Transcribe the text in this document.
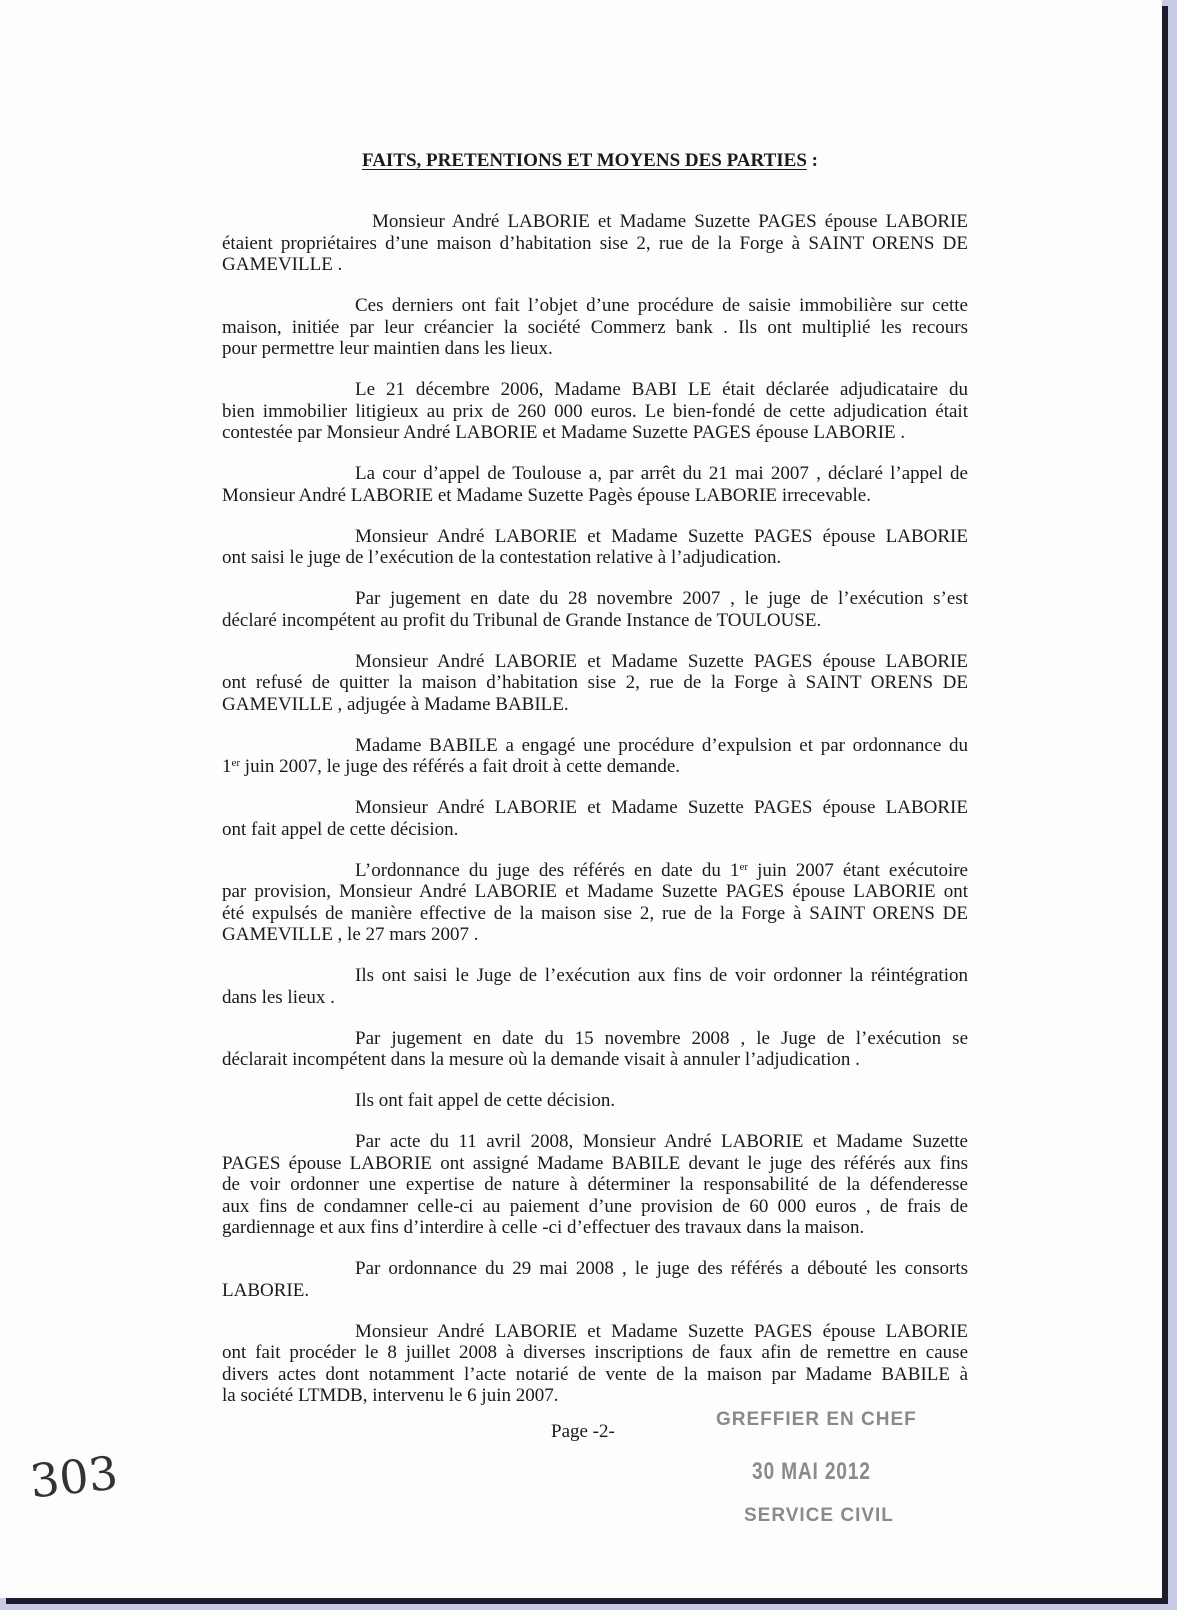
FAITS, PRETENTIONS ET MOYENS DES PARTIES :
Monsieur André LABORIE et Madame Suzette PAGES épouse LABORIE
étaient propriétaires d’une maison d’habitation sise 2, rue de la Forge à SAINT ORENS DE
GAMEVILLE .
Ces derniers ont fait l’objet d’une procédure de saisie immobilière sur cette
maison, initiée par leur créancier la société Commerz bank . Ils ont multiplié les recours
pour permettre leur maintien dans les lieux.
Le 21 décembre 2006, Madame BABI LE était déclarée adjudicataire du
bien immobilier litigieux au prix de 260 000 euros. Le bien-fondé de cette adjudication était
contestée par Monsieur André LABORIE et Madame Suzette PAGES épouse LABORIE .
La cour d’appel de Toulouse a, par arrêt du 21 mai 2007 , déclaré l’appel de
Monsieur André LABORIE et Madame Suzette Pagès épouse LABORIE irrecevable.
Monsieur André LABORIE et Madame Suzette PAGES épouse LABORIE
ont saisi le juge de l’exécution de la contestation relative à l’adjudication.
Par jugement en date du 28 novembre 2007 , le juge de l’exécution s’est
déclaré incompétent au profit du Tribunal de Grande Instance de TOULOUSE.
Monsieur André LABORIE et Madame Suzette PAGES épouse LABORIE
ont refusé de quitter la maison d’habitation sise 2, rue de la Forge à SAINT ORENS DE
GAMEVILLE , adjugée à Madame BABILE.
Madame BABILE a engagé une procédure d’expulsion et par ordonnance du
1er juin 2007, le juge des référés a fait droit à cette demande.
Monsieur André LABORIE et Madame Suzette PAGES épouse LABORIE
ont fait appel de cette décision.
L’ordonnance du juge des référés en date du 1er juin 2007 étant exécutoire
par provision, Monsieur André LABORIE et Madame Suzette PAGES épouse LABORIE ont
été expulsés de manière effective de la maison sise 2, rue de la Forge à SAINT ORENS DE
GAMEVILLE , le 27 mars 2007 .
Ils ont saisi le Juge de l’exécution aux fins de voir ordonner la réintégration
dans les lieux .
Par jugement en date du 15 novembre 2008 , le Juge de l’exécution se
déclarait incompétent dans la mesure où la demande visait à annuler l’adjudication .
Ils ont fait appel de cette décision.
Par acte du 11 avril 2008, Monsieur André LABORIE et Madame Suzette
PAGES épouse LABORIE ont assigné Madame BABILE devant le juge des référés aux fins
de voir ordonner une expertise de nature à déterminer la responsabilité de la défenderesse
aux fins de condamner celle-ci au paiement d’une provision de 60 000 euros , de frais de
gardiennage et aux fins d’interdire à celle -ci d’effectuer des travaux dans la maison.
Par ordonnance du 29 mai 2008 , le juge des référés a débouté les consorts
LABORIE.
Monsieur André LABORIE et Madame Suzette PAGES épouse LABORIE
ont fait procéder le 8 juillet 2008 à diverses inscriptions de faux afin de remettre en cause
divers actes dont notamment l’acte notarié de vente de la maison par Madame BABILE à
la société LTMDB, intervenu le 6 juin 2007.
Page -2-
GREFFIER EN CHEF
30 MAI 2012
SERVICE CIVIL
303
